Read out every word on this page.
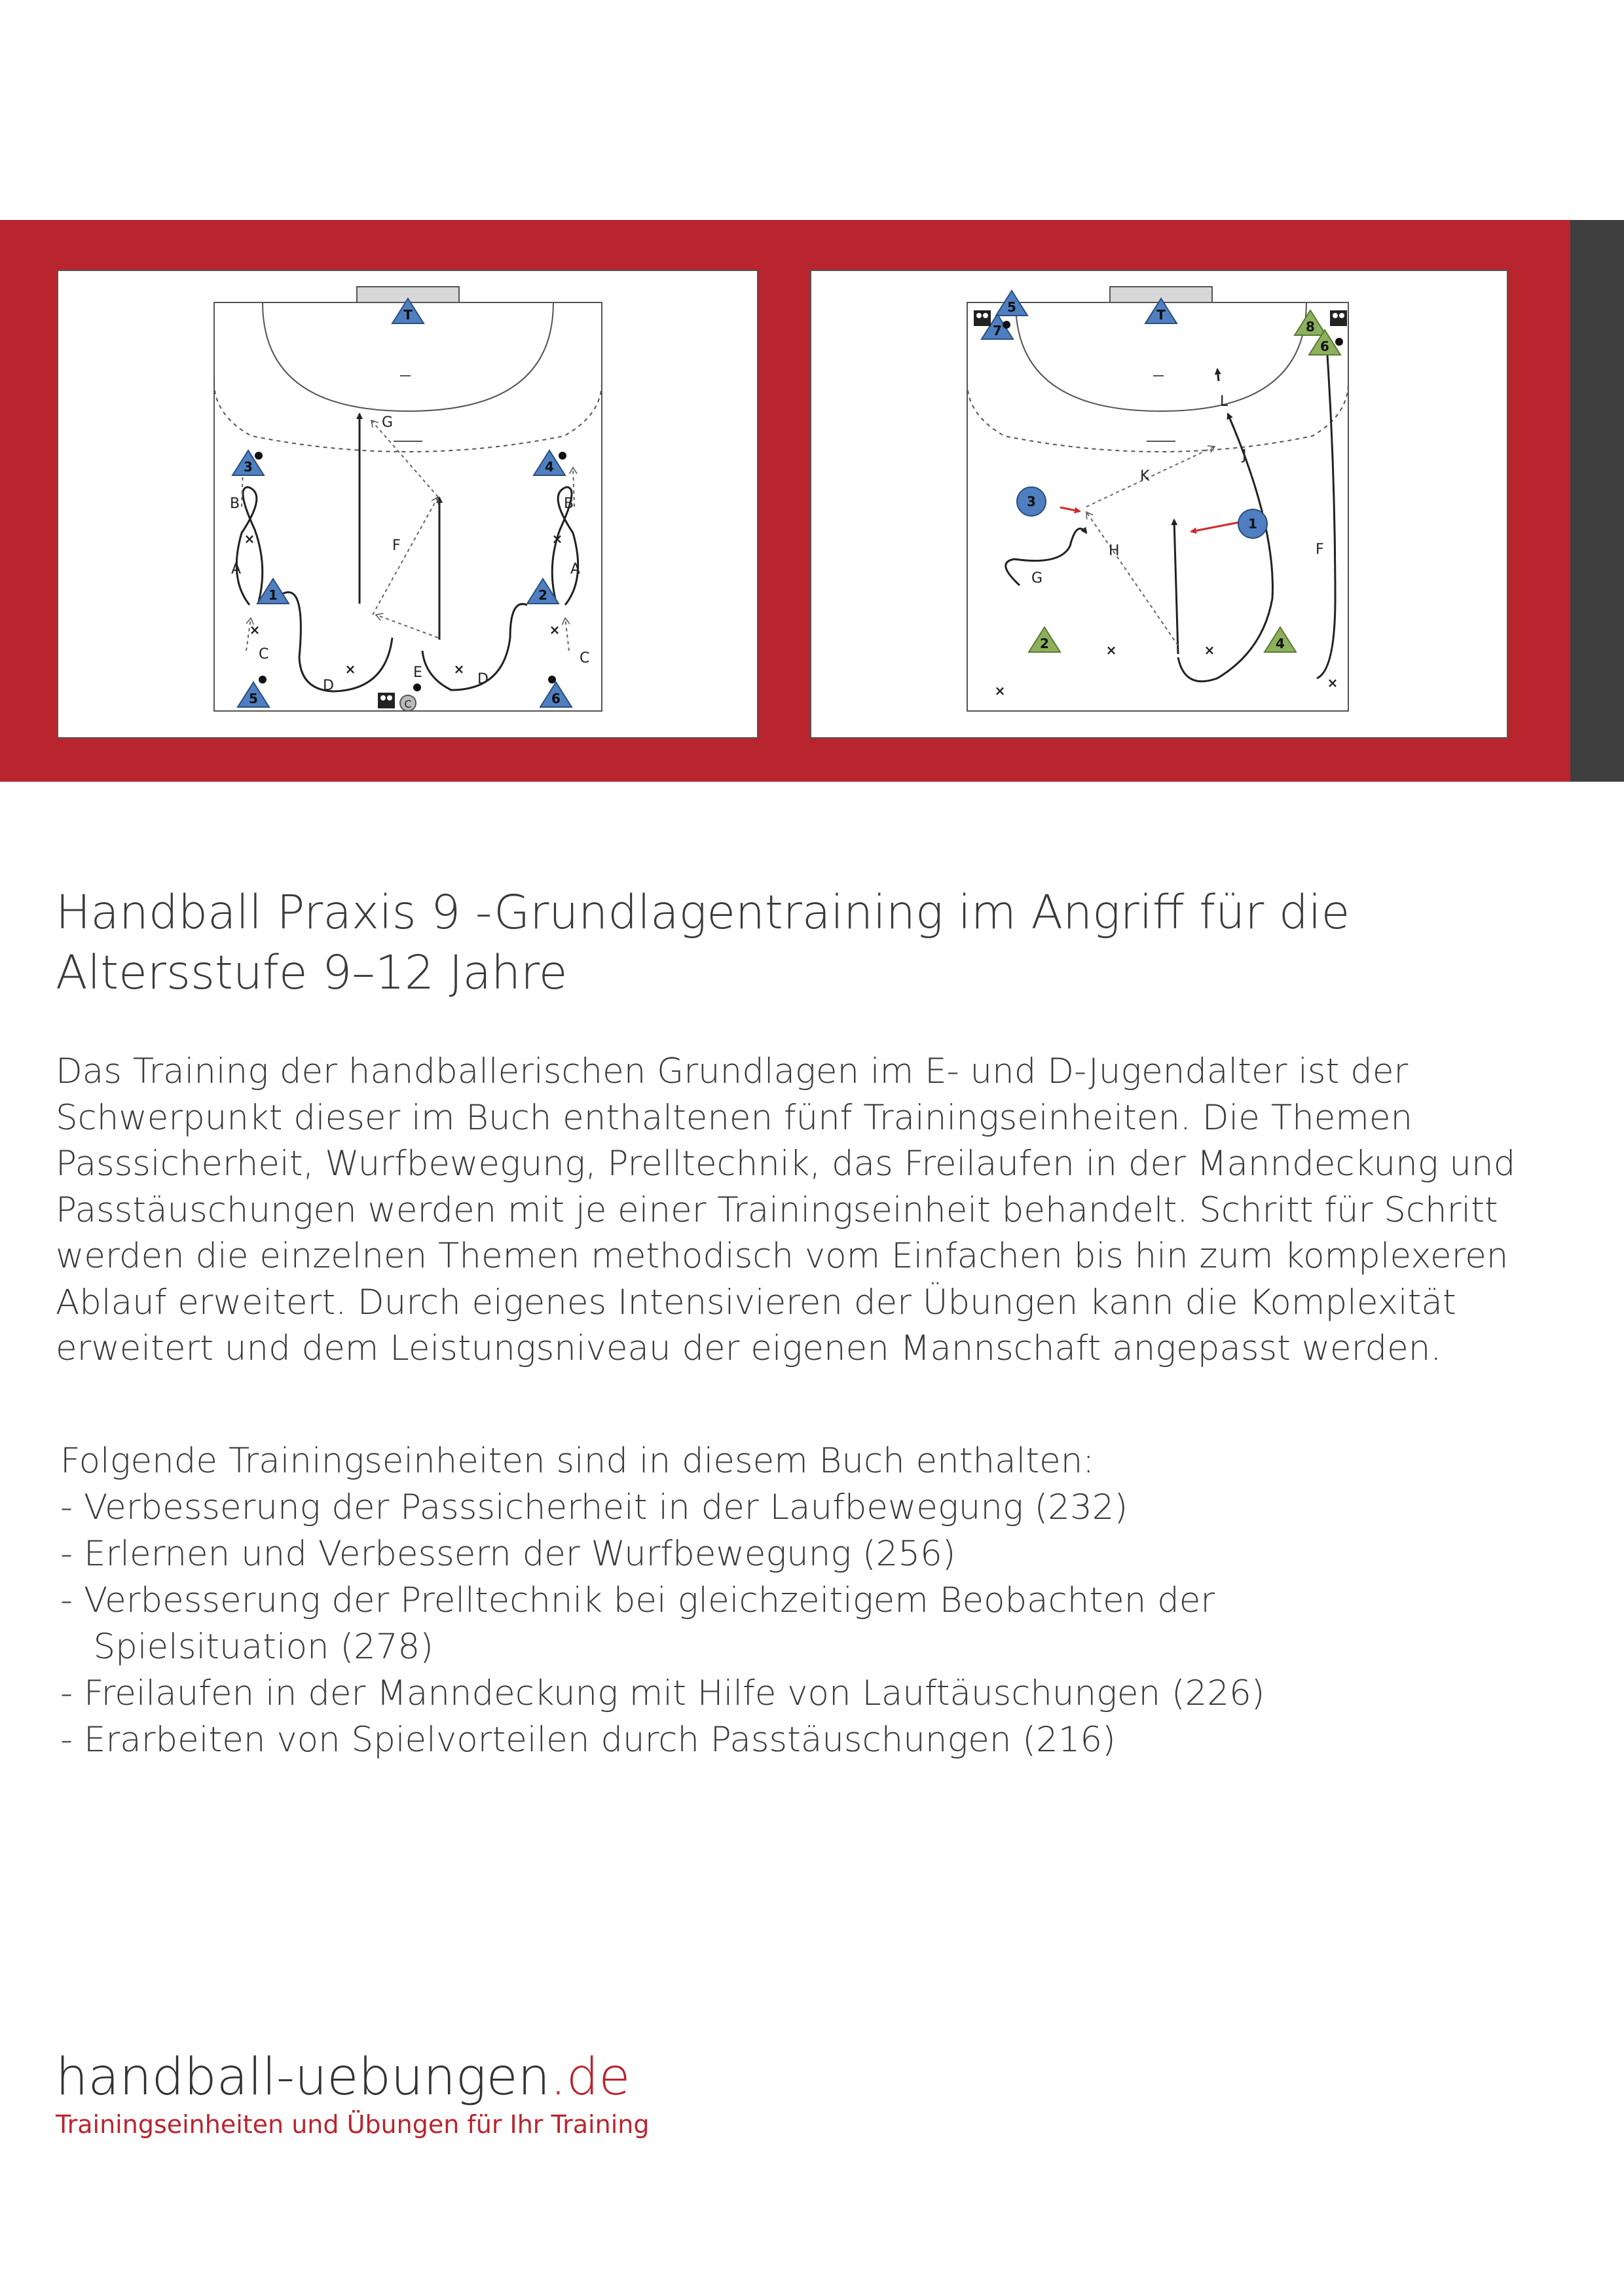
×
×
×	×
×
×
A
B
C
D
E
F
G
A
B
C
D
T
1	2
3	4
5	6
C
L
K
J
H
G
F
×	×
×	×
T
5
7
3
1
8
6
2	4
Handball Praxis 9 -Grundlagentraining im Angriff für die
Altersstufe 9–12 Jahre
Das Training der handballerischen Grundlagen im E- und D-Jugendalter ist der
Schwerpunkt dieser im Buch enthaltenen fünf Trainingseinheiten. Die Themen
Passsicherheit, Wurfbewegung, Prelltechnik, das Freilaufen in der Manndeckung und
Passtäuschungen werden mit je einer Trainingseinheit behandelt. Schritt für Schritt
werden die einzelnen Themen methodisch vom Einfachen bis hin zum komplexeren
Ablauf erweitert. Durch eigenes Intensivieren der Übungen kann die Komplexität
erweitert und dem Leistungsniveau der eigenen Mannschaft angepasst werden.
Folgende Trainingseinheiten sind in diesem Buch enthalten:
- Verbesserung der Passsicherheit in der Laufbewegung (232)
- Erlernen und Verbessern der Wurfbewegung (256)
- Verbesserung der Prelltechnik bei gleichzeitigem Beobachten der
Spielsituation (278)
- Freilaufen in der Manndeckung mit Hilfe von Lauftäuschungen (226)
- Erarbeiten von Spielvorteilen durch Passtäuschungen (216)
handball-uebungen.de
Trainingseinheiten und Übungen für Ihr Training
